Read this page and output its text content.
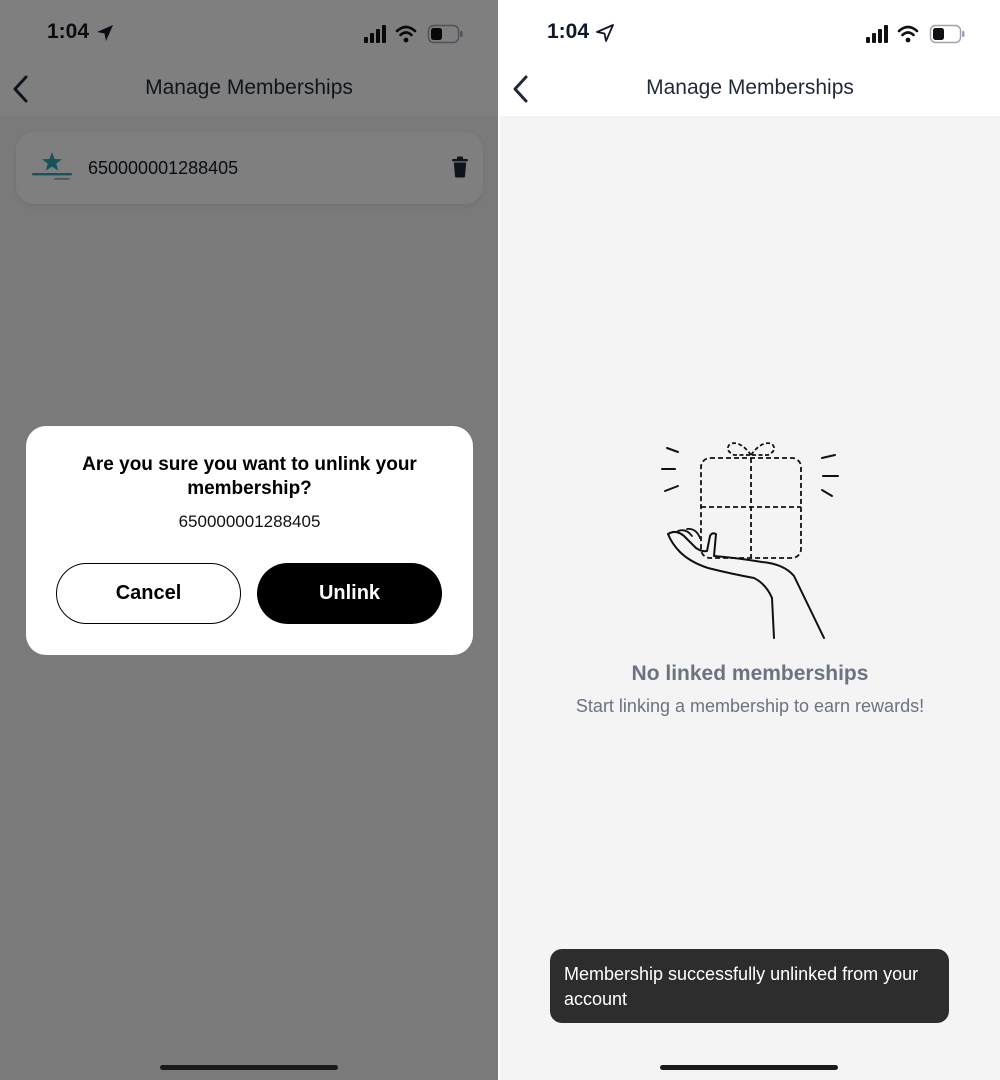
Are you sure you want to unlink your membership?
650000001288405
Cancel	Unlink
1:04
Manage Memberships
No linked memberships
Start linking a membership to earn rewards!
Membership successfully unlinked from your account
